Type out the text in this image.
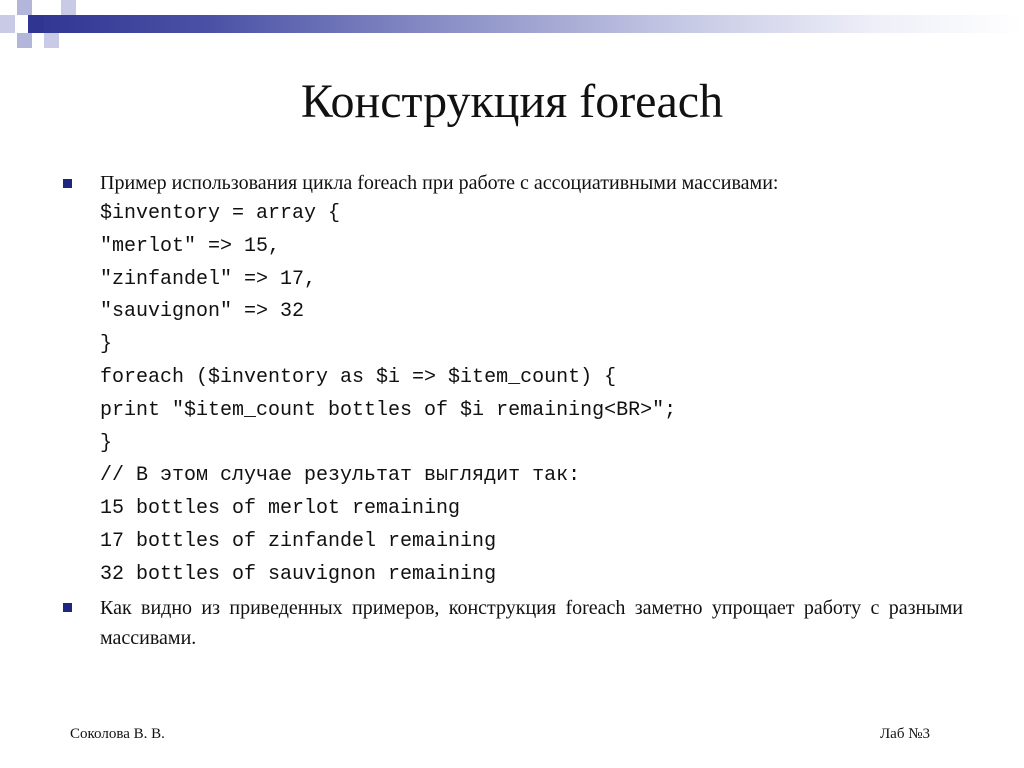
Конструкция foreach
Пример использования цикла foreach при работе с ассоциативными массивами:
$inventory = array {
"merlot" => 15,
"zinfandel" => 17,
"sauvignon" => 32
}
foreach ($inventory as $i => $item_count) {
print "$item_count bottles of $i remaining<BR>";
}
// В этом случае результат выглядит так:
15 bottles of merlot remaining
17 bottles of zinfandel remaining
32 bottles of sauvignon remaining
Как видно из приведенных примеров, конструкция foreach заметно упрощает работу с разными массивами.
Соколова В. В.	Лаб №3
